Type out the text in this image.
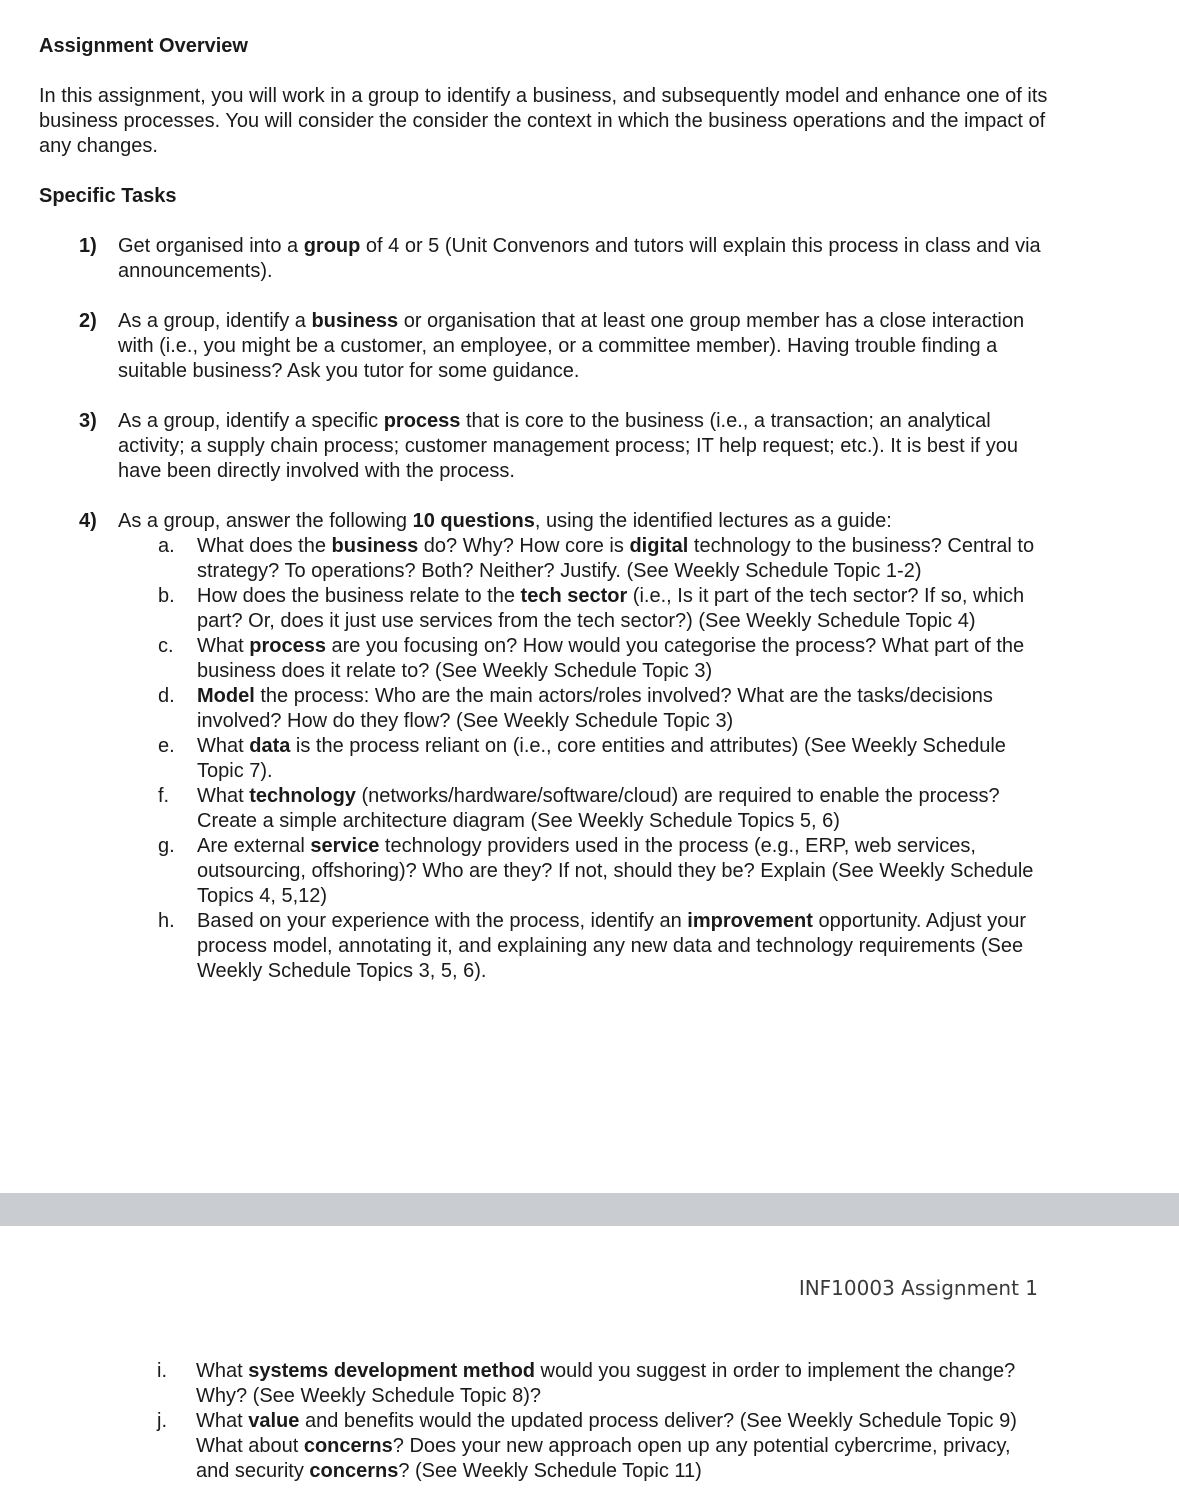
Assignment Overview

In this assignment, you will work in a group to identify a business, and subsequently model and enhance one of its business processes. You will consider the consider the context in which the business operations and the impact of any changes.

Specific Tasks
1) Get organised into a group of 4 or 5 (Unit Convenors and tutors will explain this process in class and via announcements).
2) As a group, identify a business or organisation that at least one group member has a close interaction with (i.e., you might be a customer, an employee, or a committee member). Having trouble finding a suitable business? Ask you tutor for some guidance.
3) As a group, identify a specific process that is core to the business (i.e., a transaction; an analytical activity; a supply chain process; customer management process; IT help request; etc.). It is best if you have been directly involved with the process.
4) As a group, answer the following 10 questions, using the identified lectures as a guide:
a. What does the business do? Why? How core is digital technology to the business? Central to strategy? To operations? Both? Neither? Justify. (See Weekly Schedule Topic 1-2)
b. How does the business relate to the tech sector (i.e., Is it part of the tech sector? If so, which part? Or, does it just use services from the tech sector?) (See Weekly Schedule Topic 4)
c. What process are you focusing on? How would you categorise the process? What part of the business does it relate to? (See Weekly Schedule Topic 3)
d. Model the process: Who are the main actors/roles involved? What are the tasks/decisions involved? How do they flow? (See Weekly Schedule Topic 3)
e. What data is the process reliant on (i.e., core entities and attributes) (See Weekly Schedule Topic 7).
f. What technology (networks/hardware/software/cloud) are required to enable the process? Create a simple architecture diagram (See Weekly Schedule Topics 5, 6)
g. Are external service technology providers used in the process (e.g., ERP, web services, outsourcing, offshoring)? Who are they? If not, should they be? Explain (See Weekly Schedule Topics 4, 5,12)
h. Based on your experience with the process, identify an improvement opportunity. Adjust your process model, annotating it, and explaining any new data and technology requirements (See Weekly Schedule Topics 3, 5, 6).
INF10003 Assignment 1
i. What systems development method would you suggest in order to implement the change? Why? (See Weekly Schedule Topic 8)?
j. What value and benefits would the updated process deliver? (See Weekly Schedule Topic 9) What about concerns? Does your new approach open up any potential cybercrime, privacy, and security concerns? (See Weekly Schedule Topic 11)
